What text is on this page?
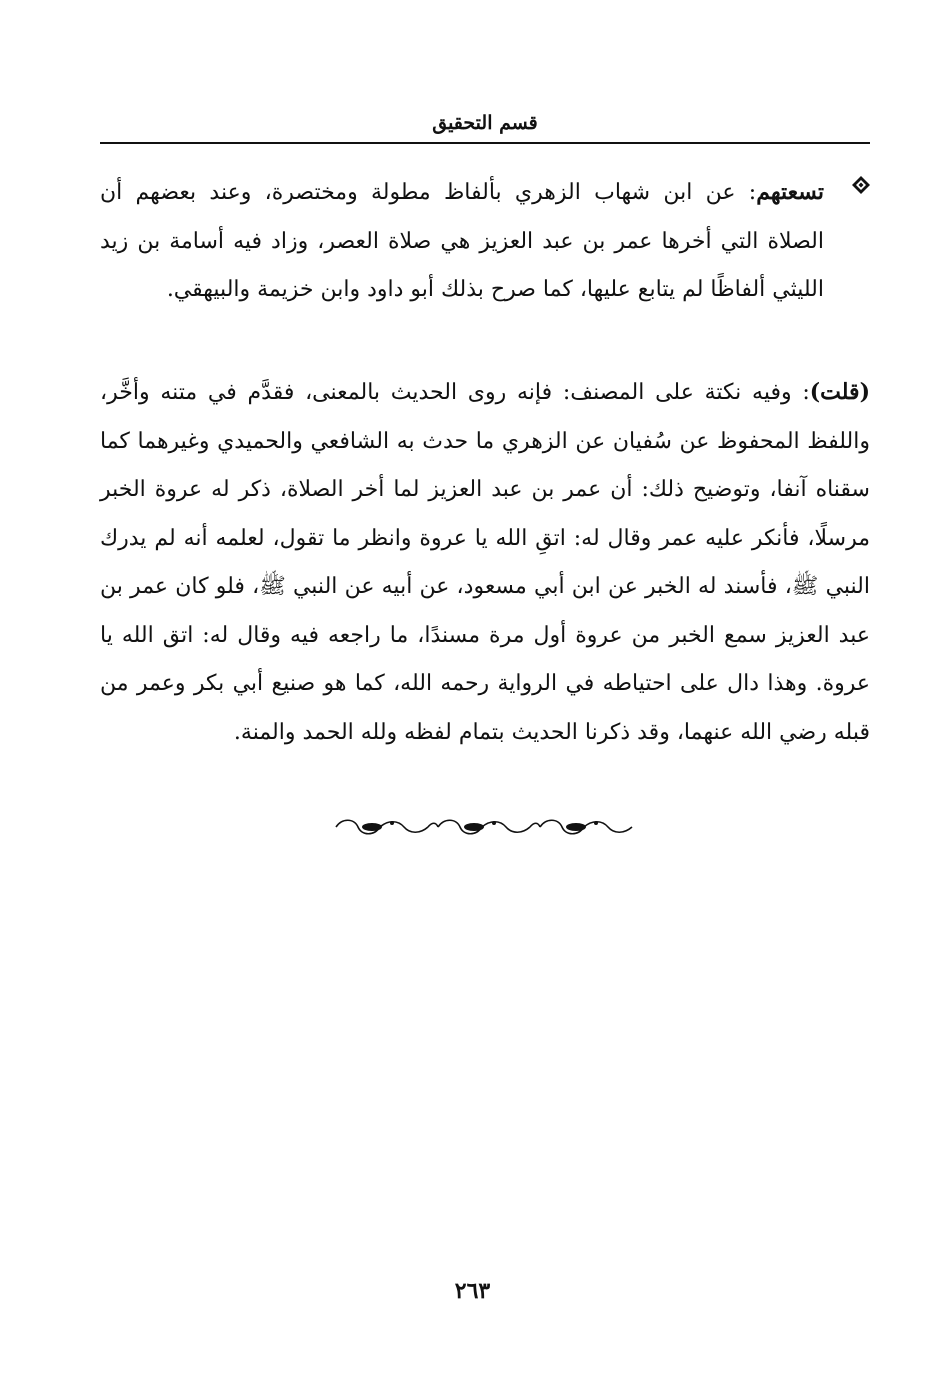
قسم التحقيق
تسعتهم: عن ابن شهاب الزهري بألفاظ مطولة ومختصرة، وعند بعضهم أن الصلاة التي أخرها عمر بن عبد العزيز هي صلاة العصر، وزاد فيه أسامة بن زيد الليثي ألفاظًا لم يتابع عليها، كما صرح بذلك أبو داود وابن خزيمة والبيهقي.
(قلت): وفيه نكتة على المصنف: فإنه روى الحديث بالمعنى، فقدَّم في متنه وأخَّر، واللفظ المحفوظ عن سُفيان عن الزهري ما حدث به الشافعي والحميدي وغيرهما كما سقناه آنفا، وتوضيح ذلك: أن عمر بن عبد العزيز لما أخر الصلاة، ذكر له عروة الخبر مرسلًا، فأنكر عليه عمر وقال له: اتقِ الله يا عروة وانظر ما تقول، لعلمه أنه لم يدرك النبي ﷺ، فأسند له الخبر عن ابن أبي مسعود، عن أبيه عن النبي ﷺ، فلو كان عمر بن عبد العزيز سمع الخبر من عروة أول مرة مسندًا، ما راجعه فيه وقال له: اتق الله يا عروة. وهذا دال على احتياطه في الرواية رحمه الله، كما هو صنيع أبي بكر وعمر من قبله رضي الله عنهما، وقد ذكرنا الحديث بتمام لفظه ولله الحمد والمنة.
٢٦٣
